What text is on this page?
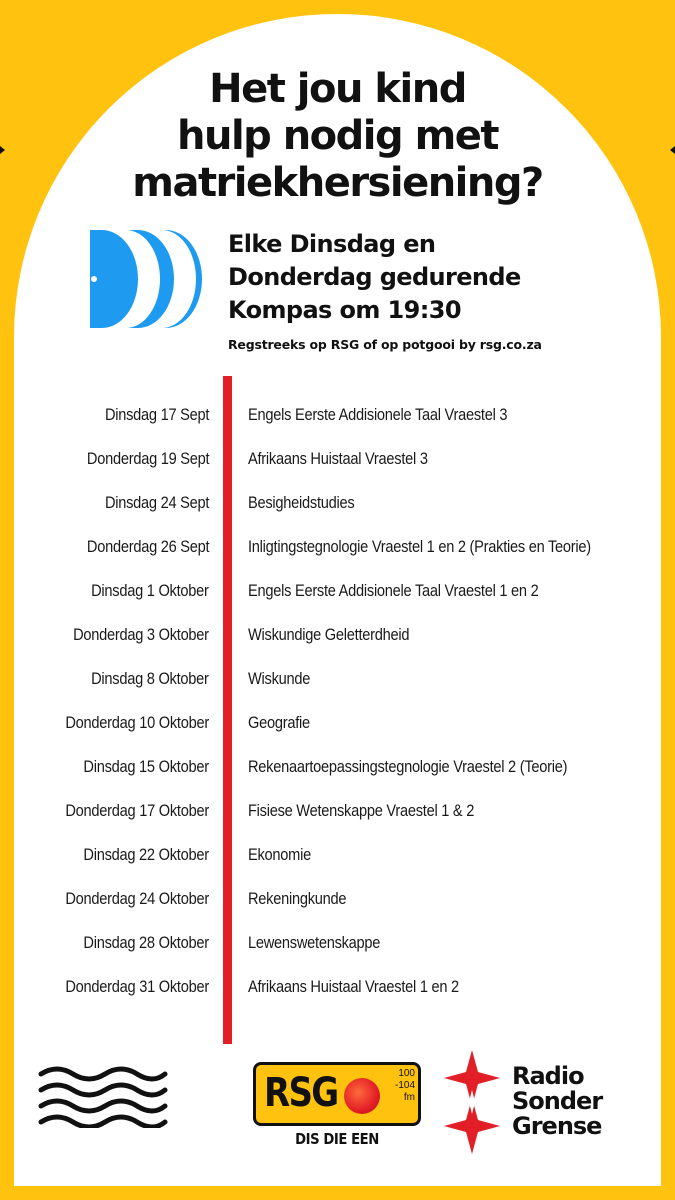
Het jou kind
hulp nodig met
matriekhersiening?
Elke Dinsdag en
Donderdag gedurende
Kompas om 19:30
Regstreeks op RSG of op potgooi by rsg.co.za
Dinsdag 17 Sept Engels Eerste Addisionele Taal Vraestel 3
Donderdag 19 Sept Afrikaans Huistaal Vraestel 3
Dinsdag 24 Sept Besigheidstudies
Donderdag 26 Sept Inligtingstegnologie Vraestel 1 en 2 (Prakties en Teorie)
Dinsdag 1 Oktober Engels Eerste Addisionele Taal Vraestel 1 en 2
Donderdag 3 Oktober Wiskundige Geletterdheid
Dinsdag 8 Oktober Wiskunde
Donderdag 10 Oktober Geografie
Dinsdag 15 Oktober Rekenaartoepassingstegnologie Vraestel 2 (Teorie)
Donderdag 17 Oktober Fisiese Wetenskappe Vraestel 1 & 2
Dinsdag 22 Oktober Ekonomie
Donderdag 24 Oktober Rekeningkunde
Dinsdag 28 Oktober Lewenswetenskappe
Donderdag 31 Oktober Afrikaans Huistaal Vraestel 1 en 2
RSG	100
-104
fm
DIS DIE EEN
Radio
Sonder
Grense
